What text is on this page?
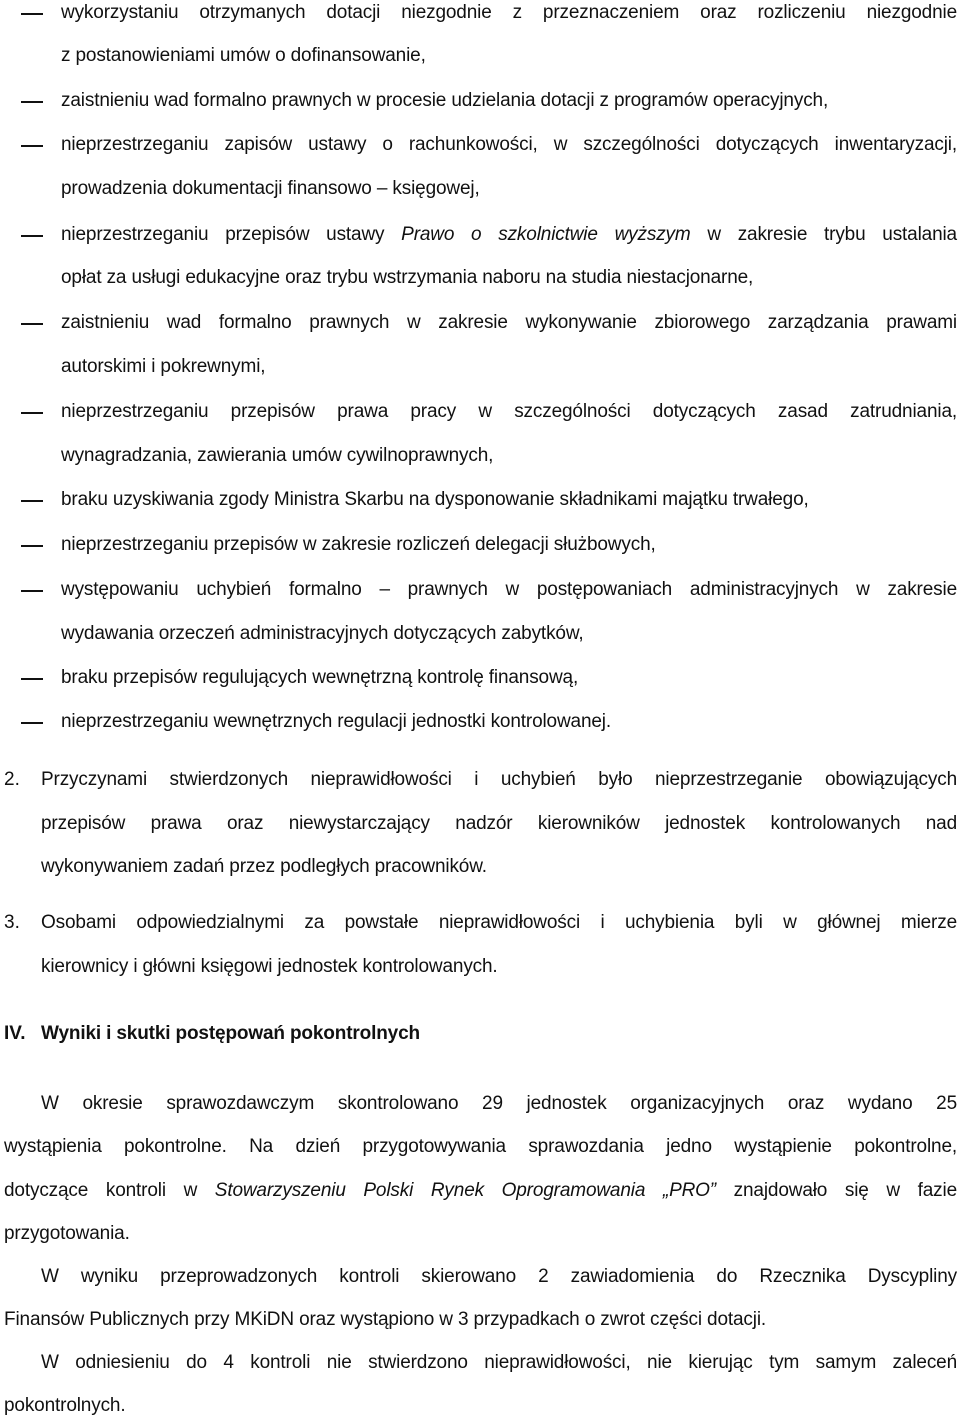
wykorzystaniu otrzymanych dotacji niezgodnie z przeznaczeniem oraz rozliczeniu niezgodnie
z postanowieniami umów o dofinansowanie,
zaistnieniu wad formalno prawnych w procesie udzielania dotacji z programów operacyjnych,
nieprzestrzeganiu zapisów ustawy o rachunkowości, w szczególności dotyczących inwentaryzacji,
prowadzenia dokumentacji finansowo – księgowej,
nieprzestrzeganiu przepisów ustawy Prawo o szkolnictwie wyższym w zakresie trybu ustalania
opłat za usługi edukacyjne oraz trybu wstrzymania naboru na studia niestacjonarne,
zaistnieniu wad formalno prawnych w zakresie wykonywanie zbiorowego zarządzania prawami
autorskimi i pokrewnymi,
nieprzestrzeganiu przepisów prawa pracy w szczególności dotyczących zasad zatrudniania,
wynagradzania, zawierania umów cywilnoprawnych,
braku uzyskiwania zgody Ministra Skarbu na dysponowanie składnikami majątku trwałego,
nieprzestrzeganiu przepisów w zakresie rozliczeń delegacji służbowych,
występowaniu uchybień formalno – prawnych w postępowaniach administracyjnych w zakresie
wydawania orzeczeń administracyjnych dotyczących zabytków,
braku przepisów regulujących wewnętrzną kontrolę finansową,
nieprzestrzeganiu wewnętrznych regulacji jednostki kontrolowanej.
2. Przyczynami stwierdzonych nieprawidłowości i uchybień było nieprzestrzeganie obowiązujących
przepisów prawa oraz niewystarczający nadzór kierowników jednostek kontrolowanych nad
wykonywaniem zadań przez podległych pracowników.
3. Osobami odpowiedzialnymi za powstałe nieprawidłowości i uchybienia byli w głównej mierze
kierownicy i główni księgowi jednostek kontrolowanych.
IV. Wyniki i skutki postępowań pokontrolnych
W okresie sprawozdawczym skontrolowano 29 jednostek organizacyjnych oraz wydano 25
wystąpienia pokontrolne. Na dzień przygotowywania sprawozdania jedno wystąpienie pokontrolne,
dotyczące kontroli w Stowarzyszeniu Polski Rynek Oprogramowania „PRO” znajdowało się w fazie
przygotowania.
W wyniku przeprowadzonych kontroli skierowano 2 zawiadomienia do Rzecznika Dyscypliny
Finansów Publicznych przy MKiDN oraz wystąpiono w 3 przypadkach o zwrot części dotacji.
W odniesieniu do 4 kontroli nie stwierdzono nieprawidłowości, nie kierując tym samym zaleceń
pokontrolnych.
